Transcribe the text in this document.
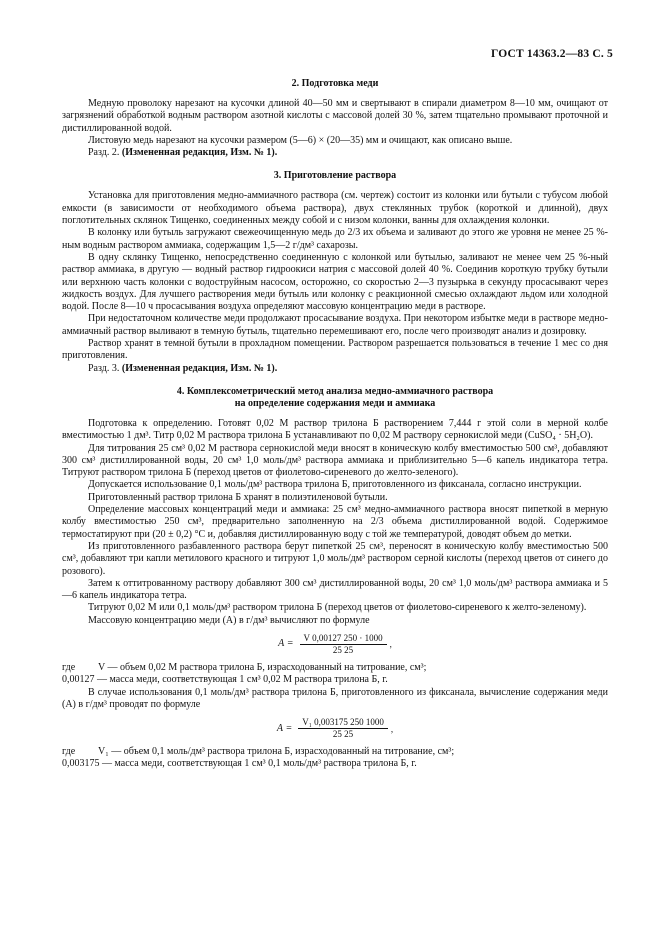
ГОСТ 14363.2—83 С. 5
2. Подготовка меди

Медную проволоку нарезают на кусочки длиной 40—50 мм и свертывают в спирали диаметром 8—10 мм, очищают от загрязнений обработкой водным раствором азотной кислоты с массовой долей 30 %, затем тщательно промывают проточной и дистиллированной водой.

Листовую медь нарезают на кусочки размером (5—6) × (20—35) мм и очищают, как описано выше.

Разд. 2. (Измененная редакция, Изм. № 1).

3. Приготовление раствора

Установка для приготовления медно-аммиачного раствора (см. чертеж) состоит из колонки или бутыли с тубусом любой емкости (в зависимости от необходимого объема раствора), двух стеклянных трубок (короткой и длинной), двух поглотительных склянок Тищенко, соединенных между собой и с низом колонки, ванны для охлаждения колонки.

В колонку или бутыль загружают свежеочищенную медь до 2/3 их объема и заливают до этого же уровня не менее 25 %-ным водным раствором аммиака, содержащим 1,5—2 г/дм³ сахарозы.

В одну склянку Тищенко, непосредственно соединенную с колонкой или бутылью, заливают не менее чем 25 %-ный раствор аммиака, в другую — водный раствор гидроокиси натрия с массовой долей 40 %. Соединив короткую трубку бутыли или верхнюю часть колонки с водоструйным насосом, осторожно, со скоростью 2—3 пузырька в секунду просасывают через жидкость воздух. Для лучшего растворения меди бутыль или колонку с реакционной смесью охлаждают льдом или холодной водой. После 8—10 ч просасывания воздуха определяют массовую концентрацию меди в растворе.

При недостаточном количестве меди продолжают просасывание воздуха. При некотором избытке меди в растворе медно-аммиачный раствор выливают в темную бутыль, тщательно перемешивают его, после чего производят анализ и дозировку.

Раствор хранят в темной бутыли в прохладном помещении. Раствором разрешается пользоваться в течение 1 мес со дня приготовления.

Разд. 3. (Измененная редакция, Изм. № 1).

4. Комплексометрический метод анализа медно-аммиачного раствора
на определение содержания меди и аммиака

Подготовка к определению. Готовят 0,02 М раствор трилона Б растворением 7,444 г этой соли в мерной колбе вместимостью 1 дм³. Титр 0,02 М раствора трилона Б устанавливают по 0,02 М раствору сернокислой меди (CuSO₄ · 5H₂O).

Для титрования 25 см³ 0,02 М раствора сернокислой меди вносят в коническую колбу вместимостью 500 см³, добавляют 300 см³ дистиллированной воды, 20 см³ 1,0 моль/дм³ раствора аммиака и приблизительно 5—6 капель индикатора тетра. Титруют раствором трилона Б (переход цветов от фиолетово-сиреневого до желто-зеленого).

Допускается использование 0,1 моль/дм³ раствора трилона Б, приготовленного из фиксанала, согласно инструкции.

Приготовленный раствор трилона Б хранят в полиэтиленовой бутыли.

Определение массовых концентраций меди и аммиака: 25 см³ медно-аммиачного раствора вносят пипеткой в мерную колбу вместимостью 250 см³, предварительно заполненную на 2/3 объема дистиллированной водой. Содержимое термостатируют при (20 ± 0,2) °С и, добавляя дистиллированную воду с той же температурой, доводят объем до метки.

Из приготовленного разбавленного раствора берут пипеткой 25 см³, переносят в коническую колбу вместимостью 500 см³, добавляют три капли метилового красного и титруют 1,0 моль/дм³ раствором серной кислоты (переход цветов от синего до розового).

Затем к оттитрованному раствору добавляют 300 см³ дистиллированной воды, 20 см³ 1,0 моль/дм³ раствора аммиака и 5—6 капель индикатора тетра.

Титруют 0,02 М или 0,1 моль/дм³ раствором трилона Б (переход цветов от фиолетово-сиреневого к желто-зеленому).

Массовую концентрацию меди (А) в г/дм³ вычисляют по формуле

$А = \frac{V 0,00127 250 \cdot 1000}{25 25}$ ,
где	V — объем 0,02 М раствора трилона Б, израсходованный на титрование, см³;

0,00127 — масса меди, соответствующая 1 см³ 0,02 М раствора трилона Б, г.

В случае использования 0,1 моль/дм³ раствора трилона Б, приготовленного из фиксанала, вычисление содержания меди (А) в г/дм³ проводят по формуле

$А = \frac{\text{V₁ 0,003175 250 1000}}{25 25}$ ,
где	V₁ — объем 0,1 моль/дм³ раствора трилона Б, израсходованный на титрование, см³;

0,003175 — масса меди, соответствующая 1 см³ 0,1 моль/дм³ раствора трилона Б, г.
